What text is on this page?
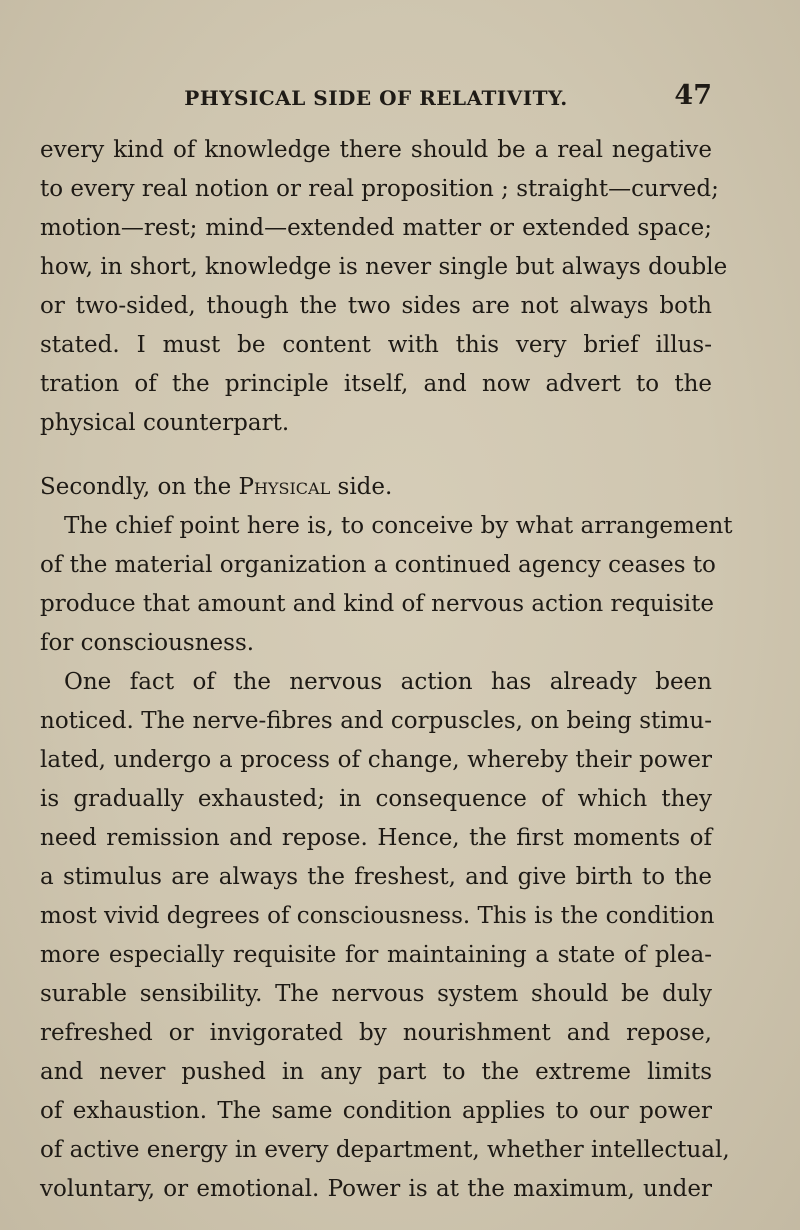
PHYSICAL SIDE OF RELATIVITY.	47
every kind of knowledge there should be a real negative
to every real notion or real proposition ; straight—curved;
motion—rest; mind—extended matter or extended space;
how, in short, knowledge is never single but always double
or two-sided, though the two sides are not always both
stated. I must be content with this very brief illus-
tration of the principle itself, and now advert to the
physical counterpart.
Secondly, on the Physical side.
The chief point here is, to conceive by what arrangement
of the material organization a continued agency ceases to
produce that amount and kind of nervous action requisite
for consciousness.
One fact of the nervous action has already been
noticed. The nerve-fibres and corpuscles, on being stimu-
lated, undergo a process of change, whereby their power
is gradually exhausted; in consequence of which they
need remission and repose. Hence, the first moments of
a stimulus are always the freshest, and give birth to the
most vivid degrees of consciousness. This is the condition
more especially requisite for maintaining a state of plea-
surable sensibility. The nervous system should be duly
refreshed or invigorated by nourishment and repose,
and never pushed in any part to the extreme limits
of exhaustion. The same condition applies to our power
of active energy in every department, whether intellectual,
voluntary, or emotional. Power is at the maximum, under
